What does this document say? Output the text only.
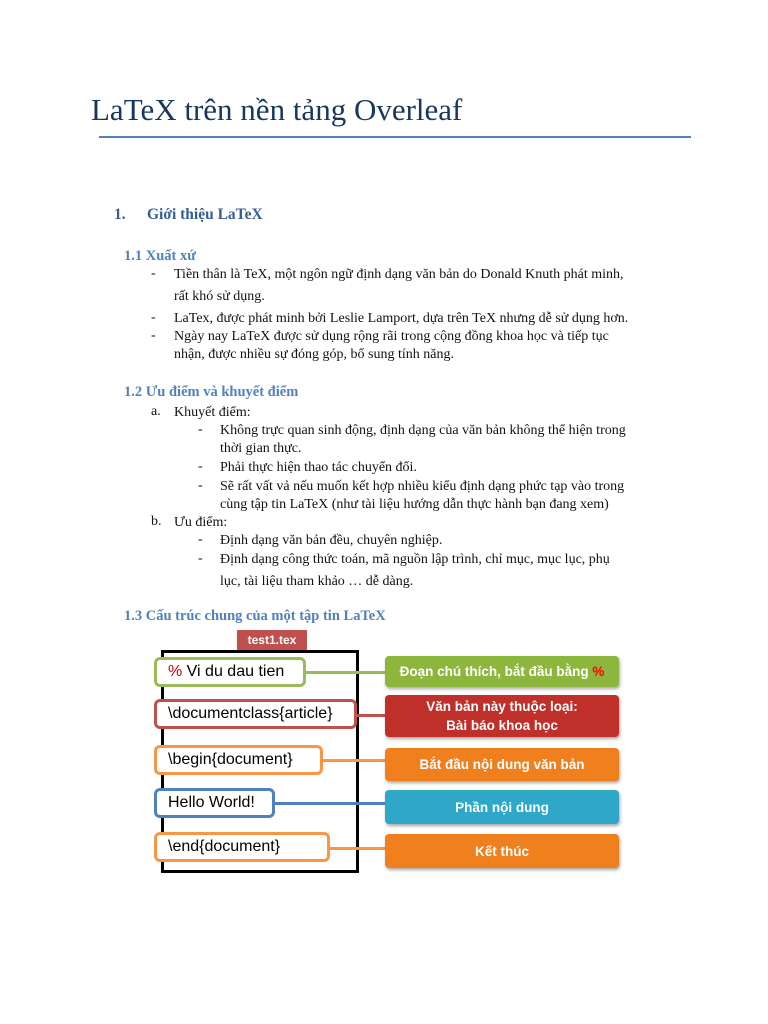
LaTeX trên nền tảng Overleaf
1. Giới thiệu LaTeX
1.1 Xuất xứ
- Tiền thân là TeX, một ngôn ngữ định dạng văn bản do Donald Knuth phát minh,
rất khó sử dụng.
- LaTex, được phát minh bởi Leslie Lamport, dựa trên TeX nhưng dễ sử dụng hơn.
- Ngày nay LaTeX được sử dụng rộng rãi trong cộng đồng khoa học và tiếp tục
nhận, được nhiều sự đóng góp, bổ sung tính năng.
1.2 Ưu điểm và khuyết điểm
a. Khuyết điểm:
- Không trực quan sinh động, định dạng của văn bản không thể hiện trong
thời gian thực.
- Phải thực hiện thao tác chuyển đổi.
- Sẽ rất vất vả nếu muốn kết hợp nhiều kiểu định dạng phức tạp vào trong
cùng tập tin LaTeX (như tài liệu hướng dẫn thực hành bạn đang xem)
b. Ưu điểm:
- Định dạng văn bản đều, chuyên nghiệp.
- Định dạng công thức toán, mã nguồn lập trình, chỉ mục, mục lục, phụ
lục, tài liệu tham khảo … dễ dàng.
1.3 Cấu trúc chung của một tập tin LaTeX
test1.tex
% Vi du dau tien
\documentclass{article}
\begin{document}
Hello World!
\end{document}
Đoạn chú thích, bắt đầu bằng %
Văn bản này thuộc loại:
Bài báo khoa học
Bắt đầu nội dung văn bản
Phần nội dung
Kết thúc
